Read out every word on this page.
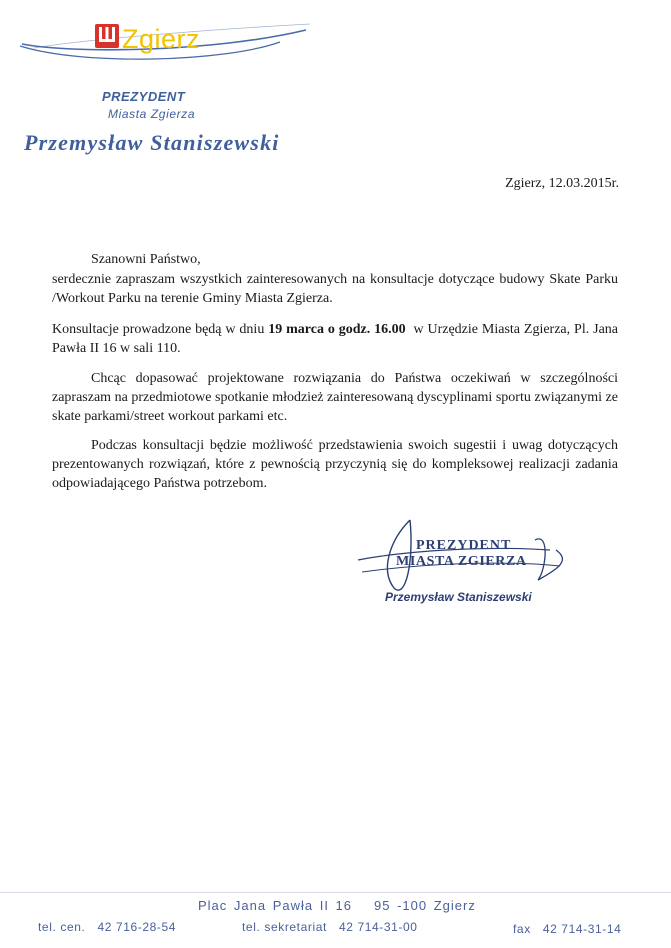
Zgierz
PREZYDENT
Miasta Zgierza
Przemysław Staniszewski
Zgierz, 12.03.2015r.
Szanowni Państwo,
serdecznie zapraszam wszystkich zainteresowanych na konsultacje dotyczące budowy Skate Parku /Workout Parku na terenie Gminy Miasta Zgierza.
Konsultacje prowadzone będą w dniu 19 marca o godz. 16.00  w Urzędzie Miasta Zgierza, Pl. Jana Pawła II 16 w sali 110.
Chcąc dopasować projektowane rozwiązania do Państwa oczekiwań w szczególności zapraszam na przedmiotowe spotkanie młodzież zainteresowaną dyscyplinami sportu związanymi ze skate parkami/street workout parkami etc.
Podczas konsultacji będzie możliwość przedstawienia swoich sugestii i uwag dotyczących prezentowanych rozwiązań, które z pewnością przyczynią się do kompleksowej realizacji zadania odpowiadającego Państwa potrzebom.
PREZYDENT
MIASTA ZGIERZA
Przemysław Staniszewski
Plac Jana Pawła II 16 95 -100 Zgierz
tel. cen. 42 716-28-54	tel. sekretariat 42 714-31-00	fax 42 714-31-14
